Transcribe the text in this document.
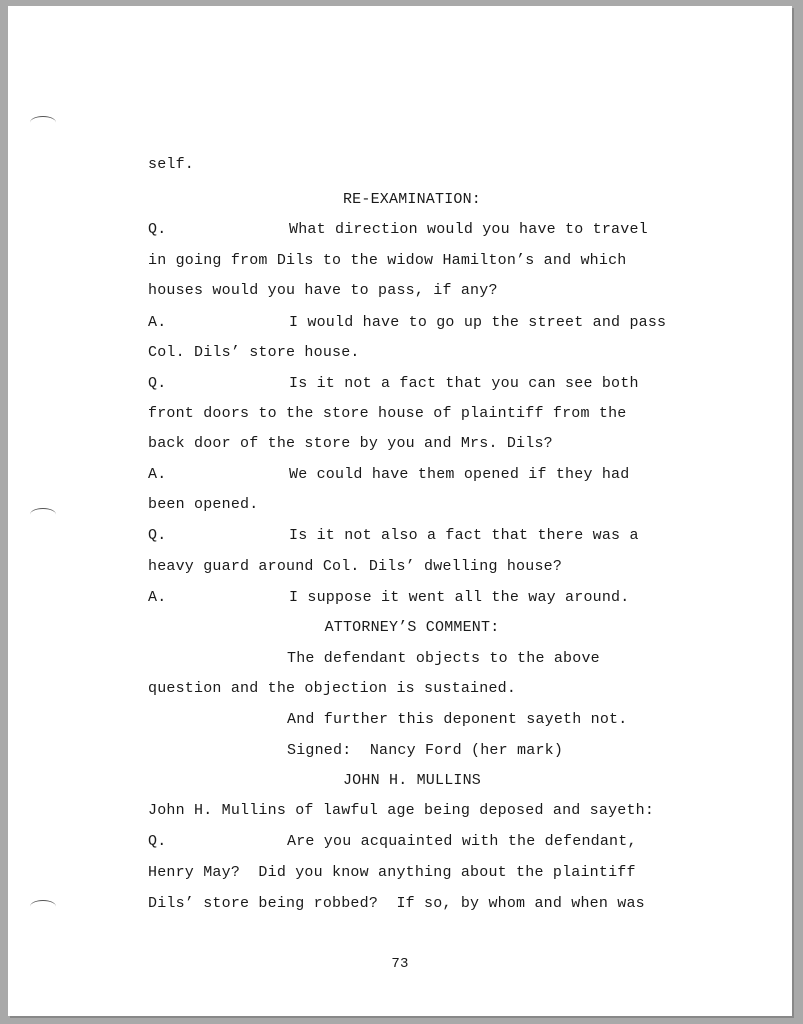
self.
RE-EXAMINATION:
Q.	What direction would you have to travel
in going from Dils to the widow Hamilton’s and which
houses would you have to pass, if any?
A.	I would have to go up the street and pass
Col. Dils’ store house.
Q.	Is it not a fact that you can see both
front doors to the store house of plaintiff from the
back door of the store by you and Mrs. Dils?
A.	We could have them opened if they had
been opened.
Q.	Is it not also a fact that there was a
heavy guard around Col. Dils’ dwelling house?
A.	I suppose it went all the way around.
ATTORNEY’S COMMENT:
The defendant objects to the above
question and the objection is sustained.
And further this deponent sayeth not.
Signed:  Nancy Ford (her mark)
JOHN H. MULLINS
John H. Mullins of lawful age being deposed and sayeth:
Q.	Are you acquainted with the defendant,
Henry May?  Did you know anything about the plaintiff
Dils’ store being robbed?  If so, by whom and when was
73
